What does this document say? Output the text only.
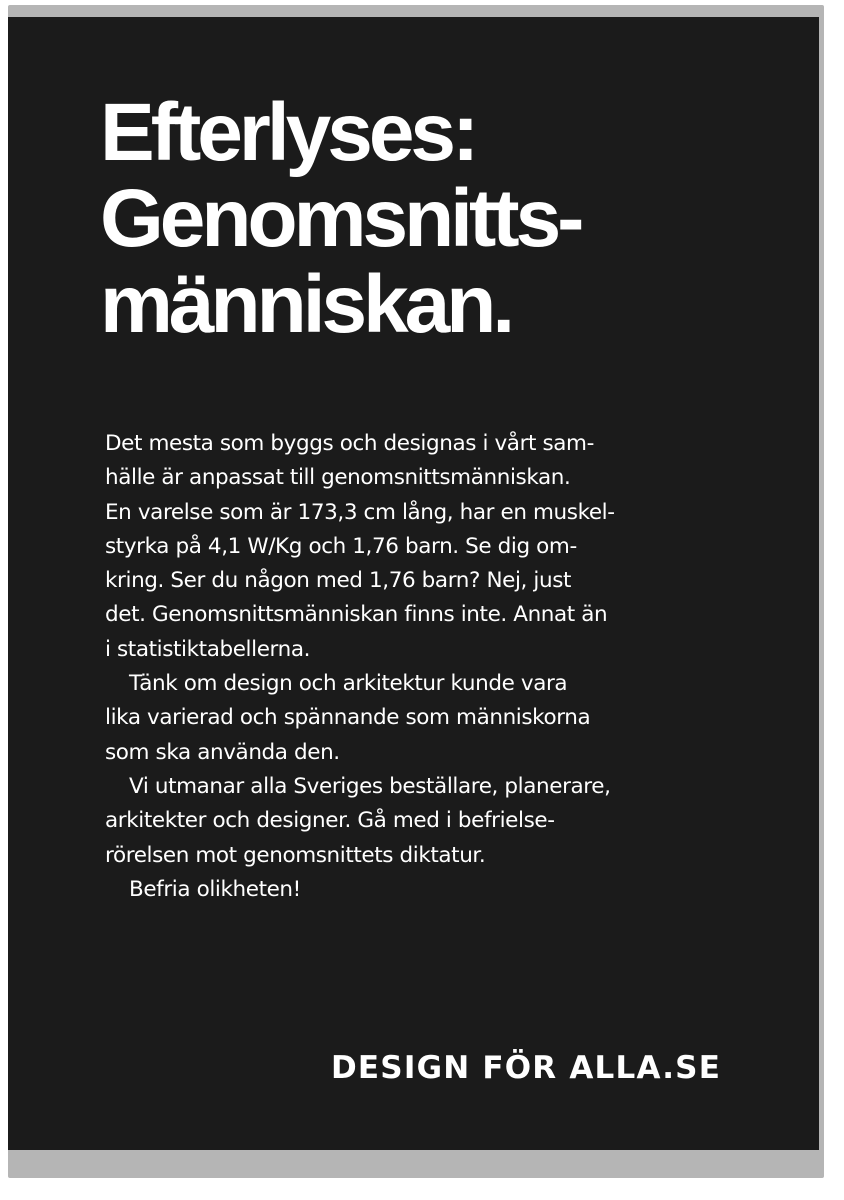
Efterlyses:
Genomsnitts-
människan.
Det mesta som byggs och designas i vårt sam-
hälle är anpassat till genomsnittsmänniskan.
En varelse som är 173,3 cm lång, har en muskel-
styrka på 4,1 W/Kg och 1,76 barn. Se dig om-
kring. Ser du någon med 1,76 barn? Nej, just
det. Genomsnittsmänniskan finns inte. Annat än
i statistiktabellerna.
Tänk om design och arkitektur kunde vara
lika varierad och spännande som människorna
som ska använda den.
Vi utmanar alla Sveriges beställare, planerare,
arkitekter och designer. Gå med i befrielse-
rörelsen mot genomsnittets diktatur.
Befria olikheten!
DESIGN FÖR ALLA.SE
